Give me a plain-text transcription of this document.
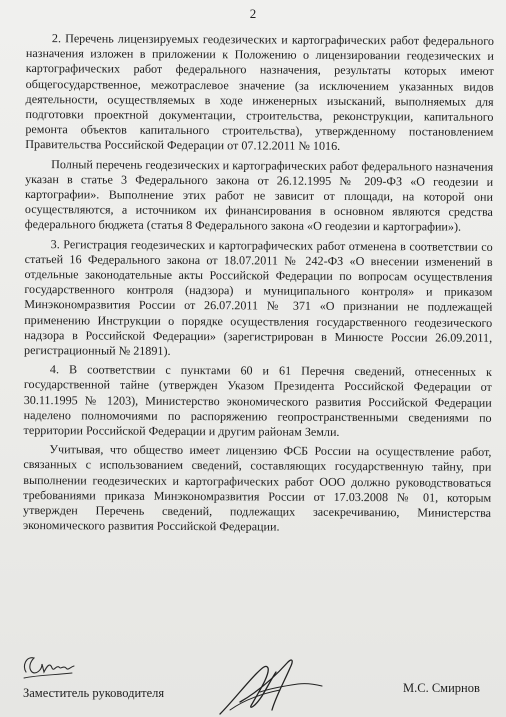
2

2. Перечень лицензируемых геодезических и картографических работ федерального назначения изложен в приложении к Положению о лицензировании геодезических и картографических работ федерального назначения, результаты которых имеют общегосударственное, межотраслевое значение (за исключением указанных видов деятельности, осуществляемых в ходе инженерных изысканий, выполняемых для подготовки проектной документации, строительства, реконструкции, капитального ремонта объектов капитального строительства), утвержденному постановлением Правительства Российской Федерации от 07.12.2011 № 1016.

Полный перечень геодезических и картографических работ федерального назначения указан в статье 3 Федерального закона от 26.12.1995 № 209-ФЗ «О геодезии и картографии». Выполнение этих работ не зависит от площади, на которой они осуществляются, а источником их финансирования в основном являются средства федерального бюджета (статья 8 Федерального закона «О геодезии и картографии»).

3. Регистрация геодезических и картографических работ отменена в соответствии со статьей 16 Федерального закона от 18.07.2011 № 242-ФЗ «О внесении изменений в отдельные законодательные акты Российской Федерации по вопросам осуществления государственного контроля (надзора) и муниципального контроля» и приказом Минэкономразвития России от 26.07.2011 № 371 «О признании не подлежащей применению Инструкции о порядке осуществления государственного геодезического надзора в Российской Федерации» (зарегистрирован в Минюсте России 26.09.2011, регистрационный № 21891).

4. В соответствии с пунктами 60 и 61 Перечня сведений, отнесенных к государственной тайне (утвержден Указом Президента Российской Федерации от 30.11.1995 № 1203), Министерство экономического развития Российской Федерации наделено полномочиями по распоряжению геопространственными сведениями по территории Российской Федерации и другим районам Земли.

Учитывая, что общество имеет лицензию ФСБ России на осуществление работ, связанных с использованием сведений, составляющих государственную тайну, при выполнении геодезических и картографических работ ООО должно руководствоваться требованиями приказа Минэкономразвития России от 17.03.2008 № 01, которым утвержден Перечень сведений, подлежащих засекречиванию, Министерства экономического развития Российской Федерации.

Заместитель руководителя	М.С. Смирнов
